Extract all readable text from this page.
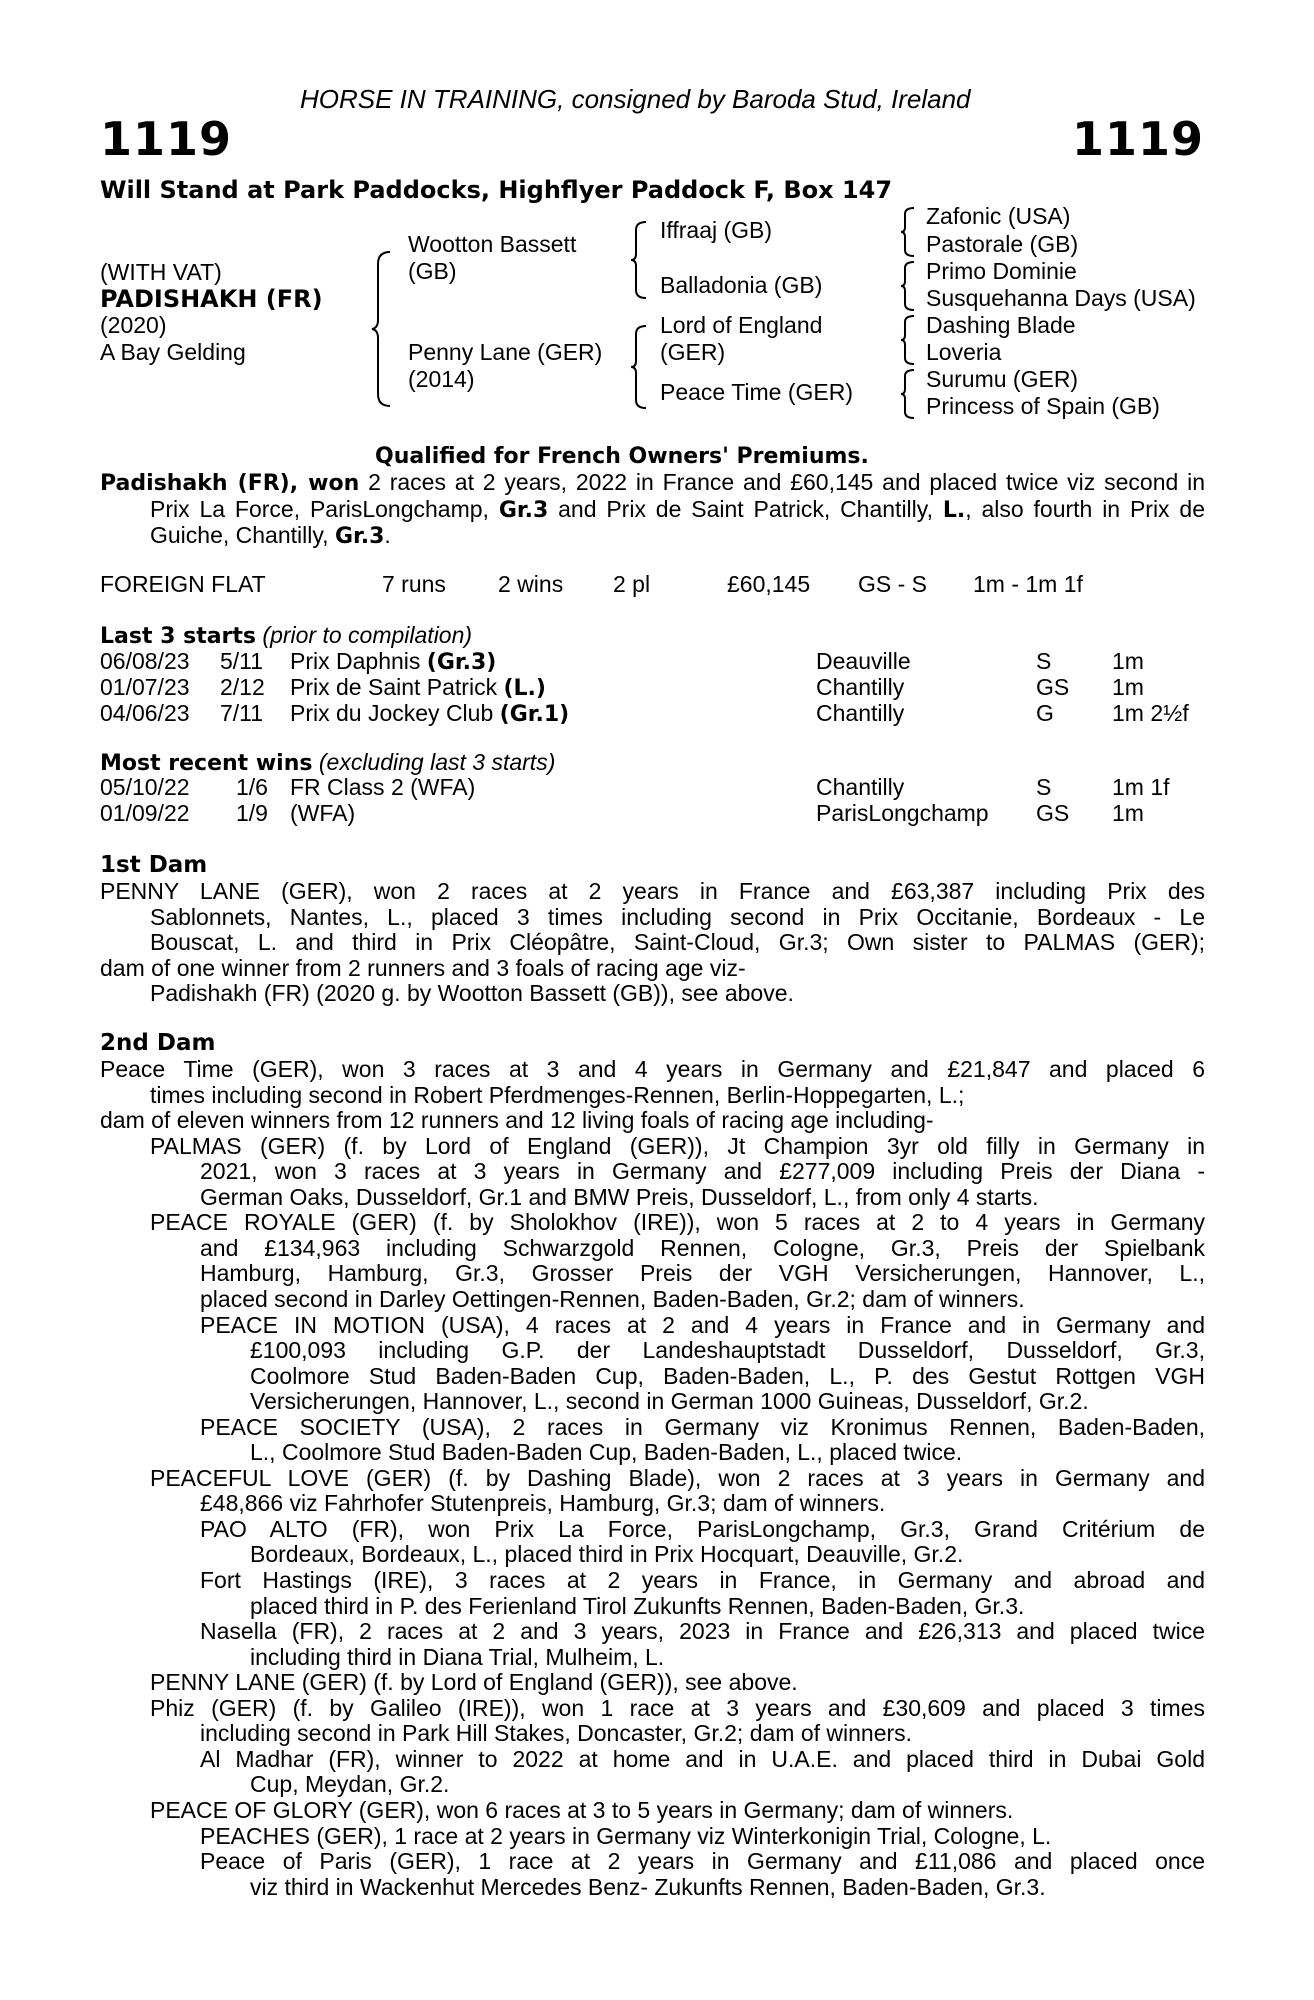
HORSE IN TRAINING, consigned by Baroda Stud, Ireland
1119	1119
Will Stand at Park Paddocks, Highflyer Paddock F, Box 147
(WITH VAT)
PADISHAKH (FR)
(2020)
A Bay Gelding
Wootton Bassett
(GB)
Penny Lane (GER)
(2014)
Iffraaj (GB)
Balladonia (GB)
Lord of England
(GER)
Peace Time (GER)
Zafonic (USA)
Pastorale (GB)
Primo Dominie
Susquehanna Days (USA)
Dashing Blade
Loveria
Surumu (GER)
Princess of Spain (GB)
Qualified for French Owners' Premiums.
Padishakh (FR), won 2 races at 2 years, 2022 in France and £60,145 and placed twice viz second in Prix La Force, ParisLongchamp, Gr.3 and Prix de Saint Patrick, Chantilly, L., also fourth in Prix de Guiche, Chantilly, Gr.3.
FOREIGN FLAT	7 runs 2 wins 2 pl	£60,145 GS - S 1m - 1m 1f
Last 3 starts (prior to compilation)
06/08/23 5/11 Prix Daphnis (Gr.3)	Deauville	S	1m
01/07/23 2/12 Prix de Saint Patrick (L.)	Chantilly	GS 1m
04/06/23 7/11 Prix du Jockey Club (Gr.1)	Chantilly	G	1m 2½f
Most recent wins (excluding last 3 starts)
05/10/22 1/6 FR Class 2 (WFA)	Chantilly	S	1m 1f
01/09/22 1/9 (WFA)	ParisLongchamp GS 1m
1st Dam
PENNY LANE (GER), won 2 races at 2 years in France and £63,387 including Prix des
Sablonnets, Nantes, L., placed 3 times including second in Prix Occitanie, Bordeaux - Le
Bouscat, L. and third in Prix Cléopâtre, Saint-Cloud, Gr.3; Own sister to PALMAS (GER);
dam of one winner from 2 runners and 3 foals of racing age viz-
Padishakh (FR) (2020 g. by Wootton Bassett (GB)), see above.
2nd Dam
Peace Time (GER), won 3 races at 3 and 4 years in Germany and £21,847 and placed 6
times including second in Robert Pferdmenges-Rennen, Berlin-Hoppegarten, L.;
dam of eleven winners from 12 runners and 12 living foals of racing age including-
PALMAS (GER) (f. by Lord of England (GER)), Jt Champion 3yr old filly in Germany in
2021, won 3 races at 3 years in Germany and £277,009 including Preis der Diana -
German Oaks, Dusseldorf, Gr.1 and BMW Preis, Dusseldorf, L., from only 4 starts.
PEACE ROYALE (GER) (f. by Sholokhov (IRE)), won 5 races at 2 to 4 years in Germany
and £134,963 including Schwarzgold Rennen, Cologne, Gr.3, Preis der Spielbank
Hamburg, Hamburg, Gr.3, Grosser Preis der VGH Versicherungen, Hannover, L.,
placed second in Darley Oettingen-Rennen, Baden-Baden, Gr.2; dam of winners.
PEACE IN MOTION (USA), 4 races at 2 and 4 years in France and in Germany and
£100,093 including G.P. der Landeshauptstadt Dusseldorf, Dusseldorf, Gr.3,
Coolmore Stud Baden-Baden Cup, Baden-Baden, L., P. des Gestut Rottgen VGH
Versicherungen, Hannover, L., second in German 1000 Guineas, Dusseldorf, Gr.2.
PEACE SOCIETY (USA), 2 races in Germany viz Kronimus Rennen, Baden-Baden,
L., Coolmore Stud Baden-Baden Cup, Baden-Baden, L., placed twice.
PEACEFUL LOVE (GER) (f. by Dashing Blade), won 2 races at 3 years in Germany and
£48,866 viz Fahrhofer Stutenpreis, Hamburg, Gr.3; dam of winners.
PAO ALTO (FR), won Prix La Force, ParisLongchamp, Gr.3, Grand Critérium de
Bordeaux, Bordeaux, L., placed third in Prix Hocquart, Deauville, Gr.2.
Fort Hastings (IRE), 3 races at 2 years in France, in Germany and abroad and
placed third in P. des Ferienland Tirol Zukunfts Rennen, Baden-Baden, Gr.3.
Nasella (FR), 2 races at 2 and 3 years, 2023 in France and £26,313 and placed twice
including third in Diana Trial, Mulheim, L.
PENNY LANE (GER) (f. by Lord of England (GER)), see above.
Phiz (GER) (f. by Galileo (IRE)), won 1 race at 3 years and £30,609 and placed 3 times
including second in Park Hill Stakes, Doncaster, Gr.2; dam of winners.
Al Madhar (FR), winner to 2022 at home and in U.A.E. and placed third in Dubai Gold
Cup, Meydan, Gr.2.
PEACE OF GLORY (GER), won 6 races at 3 to 5 years in Germany; dam of winners.
PEACHES (GER), 1 race at 2 years in Germany viz Winterkonigin Trial, Cologne, L.
Peace of Paris (GER), 1 race at 2 years in Germany and £11,086 and placed once
viz third in Wackenhut Mercedes Benz- Zukunfts Rennen, Baden-Baden, Gr.3.
